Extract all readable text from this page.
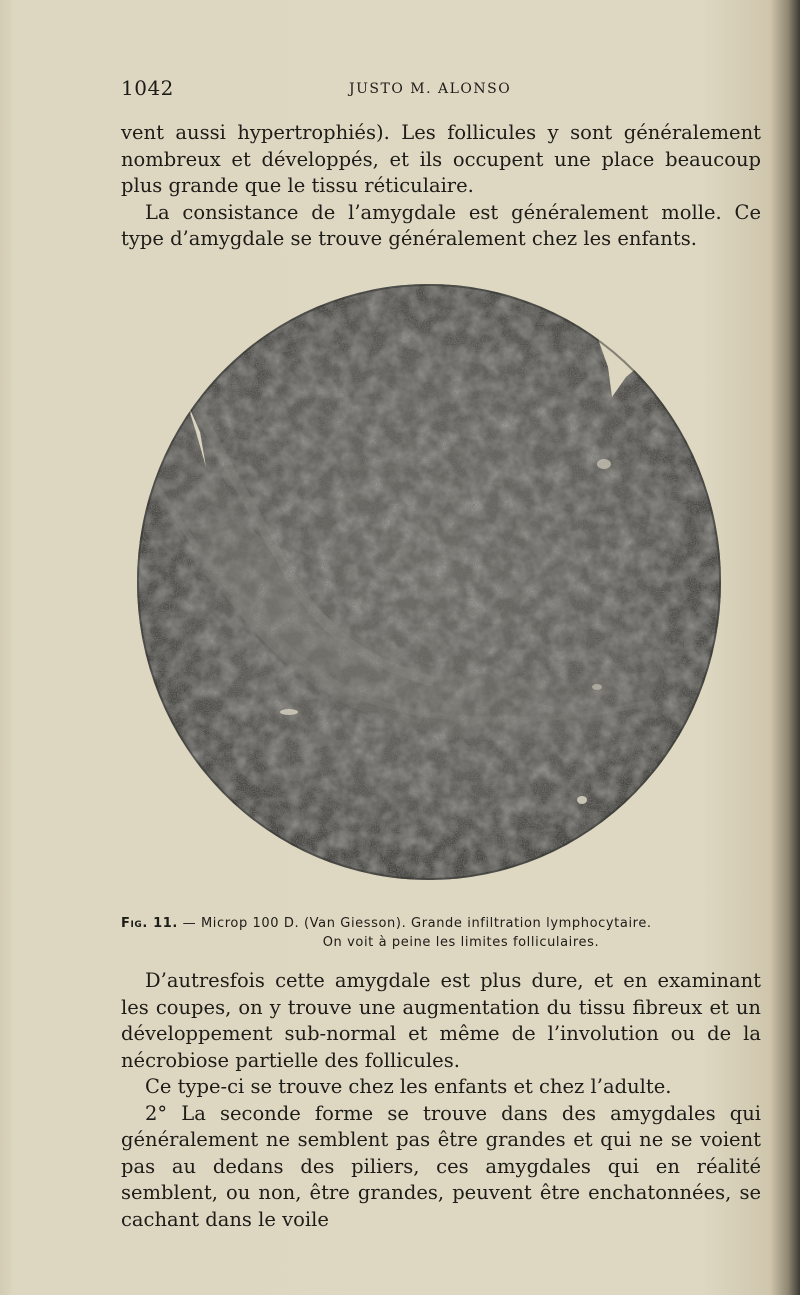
1042	JUSTO M. ALONSO

vent aussi hypertrophiés). Les follicules y sont généralement nombreux et développés, et ils occupent une place beaucoup plus grande que le tissu réticulaire.

La consistance de l’amygdale est généralement molle. Ce type d’amygdale se trouve généralement chez les enfants.

Fig. 11. — Microp 100 D. (Van Giesson). Grande infiltration lymphocytaire.
On voit à peine les limites folliculaires.

D’autresfois cette amygdale est plus dure, et en examinant les coupes, on y trouve une augmentation du tissu fibreux et un développement sub-normal et même de l’involution ou de la nécrobiose partielle des follicules.

Ce type-ci se trouve chez les enfants et chez l’adulte.

2° La seconde forme se trouve dans des amygdales qui généralement ne semblent pas être grandes et qui ne se voient pas au dedans des piliers, ces amygdales qui en réalité semblent, ou non, être grandes, peuvent être enchatonnées, se cachant dans le voile
